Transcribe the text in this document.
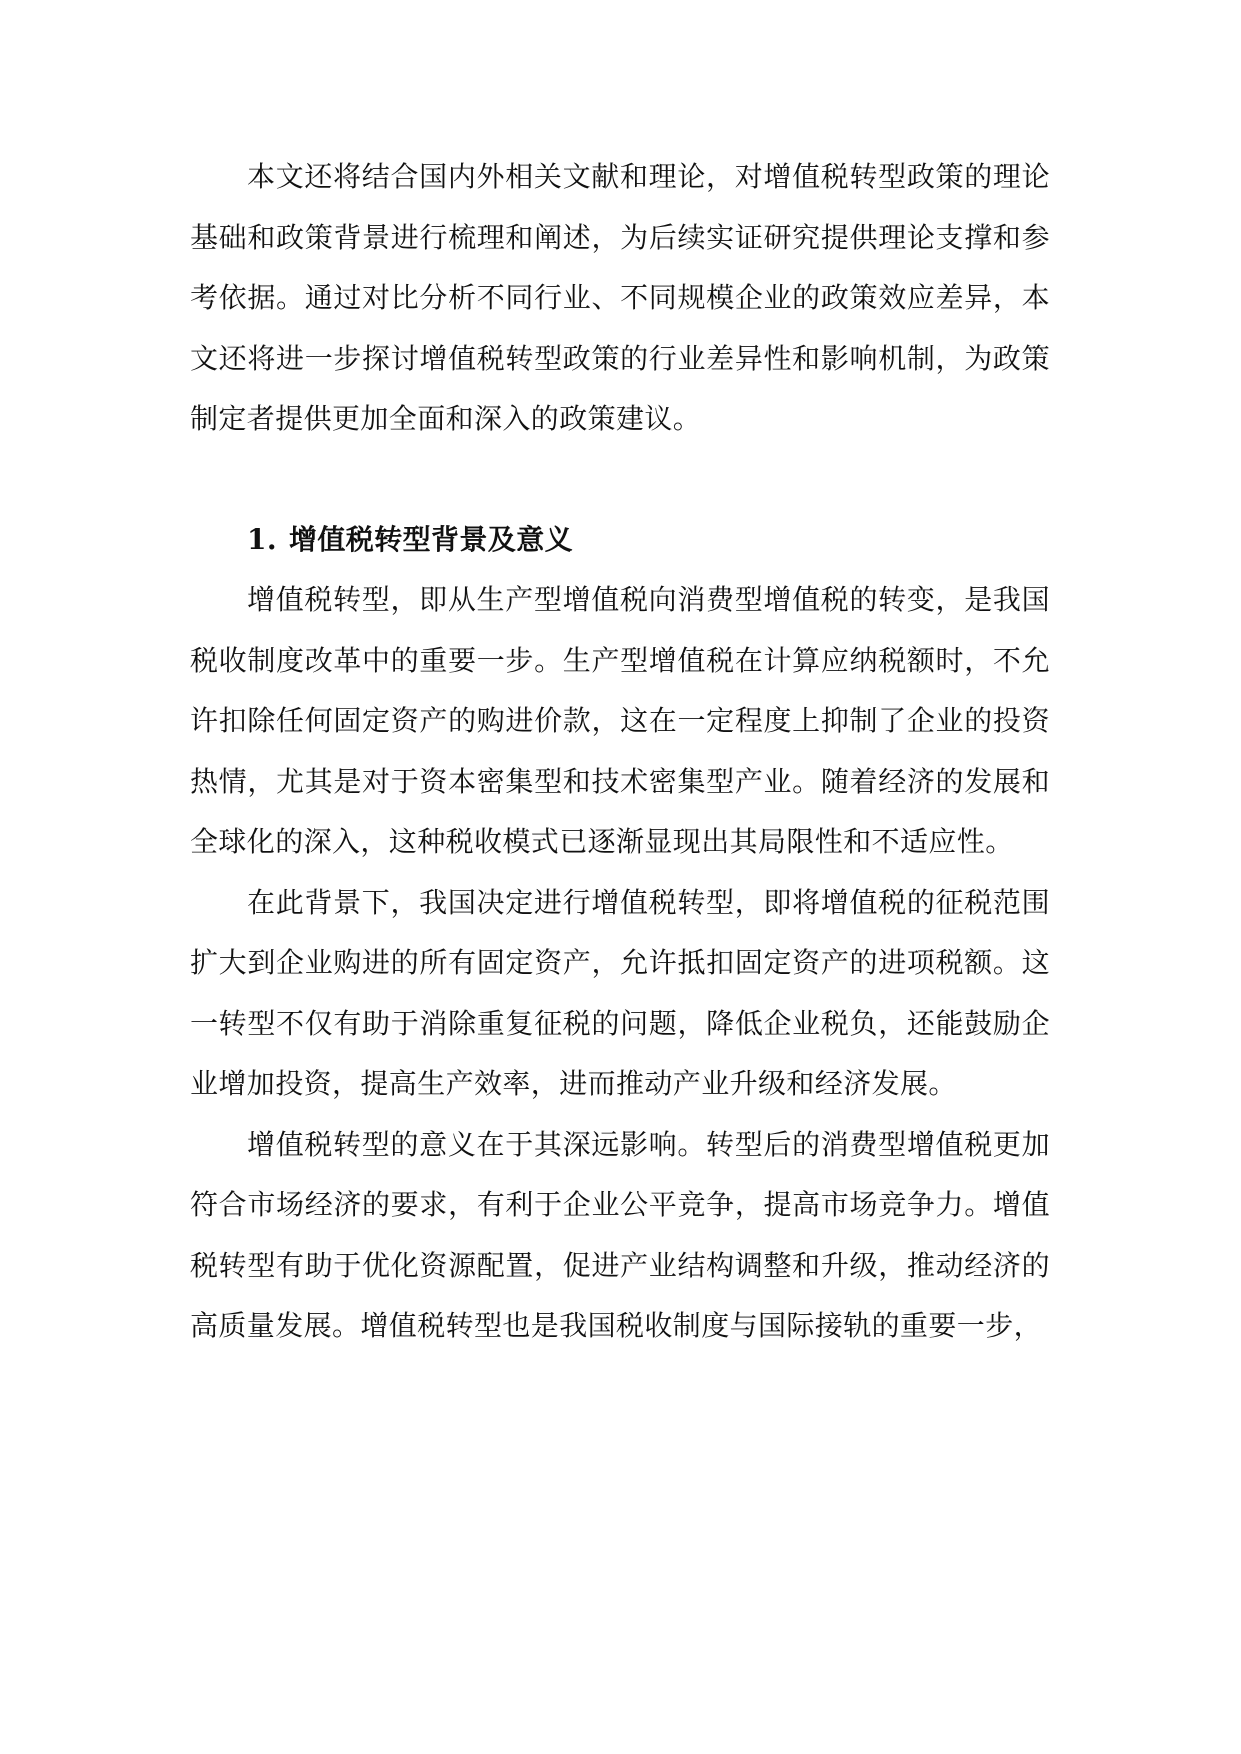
本文还将结合国内外相关文献和理论，对增值税转型政策的理论基础和政策背景进行梳理和阐述，为后续实证研究提供理论支撑和参考依据。通过对比分析不同行业、不同规模企业的政策效应差异，本文还将进一步探讨增值税转型政策的行业差异性和影响机制，为政策制定者提供更加全面和深入的政策建议。

1. 增值税转型背景及意义

增值税转型，即从生产型增值税向消费型增值税的转变，是我国税收制度改革中的重要一步。生产型增值税在计算应纳税额时，不允许扣除任何固定资产的购进价款，这在一定程度上抑制了企业的投资热情，尤其是对于资本密集型和技术密集型产业。随着经济的发展和全球化的深入，这种税收模式已逐渐显现出其局限性和不适应性。

在此背景下，我国决定进行增值税转型，即将增值税的征税范围扩大到企业购进的所有固定资产，允许抵扣固定资产的进项税额。这一转型不仅有助于消除重复征税的问题，降低企业税负，还能鼓励企业增加投资，提高生产效率，进而推动产业升级和经济发展。

增值税转型的意义在于其深远影响。转型后的消费型增值税更加符合市场经济的要求，有利于企业公平竞争，提高市场竞争力。增值税转型有助于优化资源配置，促进产业结构调整和升级，推动经济的高质量发展。增值税转型也是我国税收制度与国际接轨的重要一步，
